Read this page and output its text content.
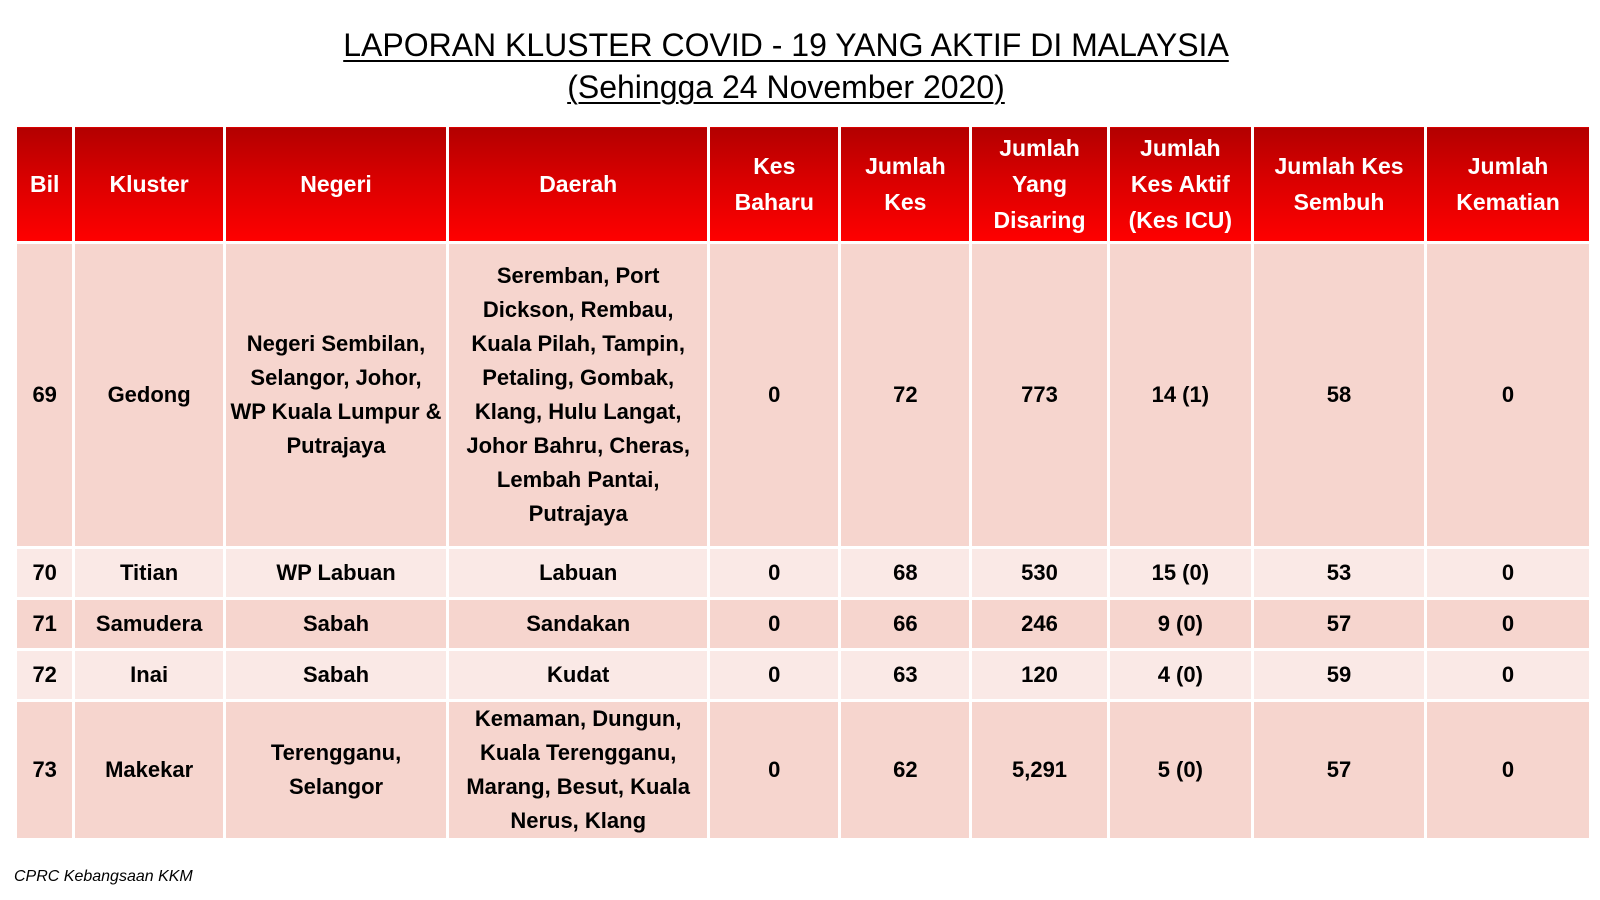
LAPORAN KLUSTER COVID - 19 YANG AKTIF DI MALAYSIA
(Sehingga 24 November 2020)
Bil	Kluster	Negeri	Daerah	Kes Baharu	Jumlah Kes	Jumlah Yang Disaring	Jumlah Kes Aktif (Kes ICU)	Jumlah Kes Sembuh	Jumlah Kematian
69	Gedong	Negeri Sembilan, Selangor, Johor, WP Kuala Lumpur & Putrajaya	Seremban, Port Dickson, Rembau, Kuala Pilah, Tampin, Petaling, Gombak, Klang, Hulu Langat, Johor Bahru, Cheras, Lembah Pantai, Putrajaya	0	72	773	14 (1)	58	0
70	Titian	WP Labuan	Labuan	0	68	530	15 (0)	53	0
71	Samudera	Sabah	Sandakan	0	66	246	9 (0)	57	0
72	Inai	Sabah	Kudat	0	63	120	4 (0)	59	0
73	Makekar	Terengganu, Selangor	Kemaman, Dungun, Kuala Terengganu, Marang, Besut, Kuala Nerus, Klang	0	62	5,291	5 (0)	57	0
CPRC Kebangsaan KKM
